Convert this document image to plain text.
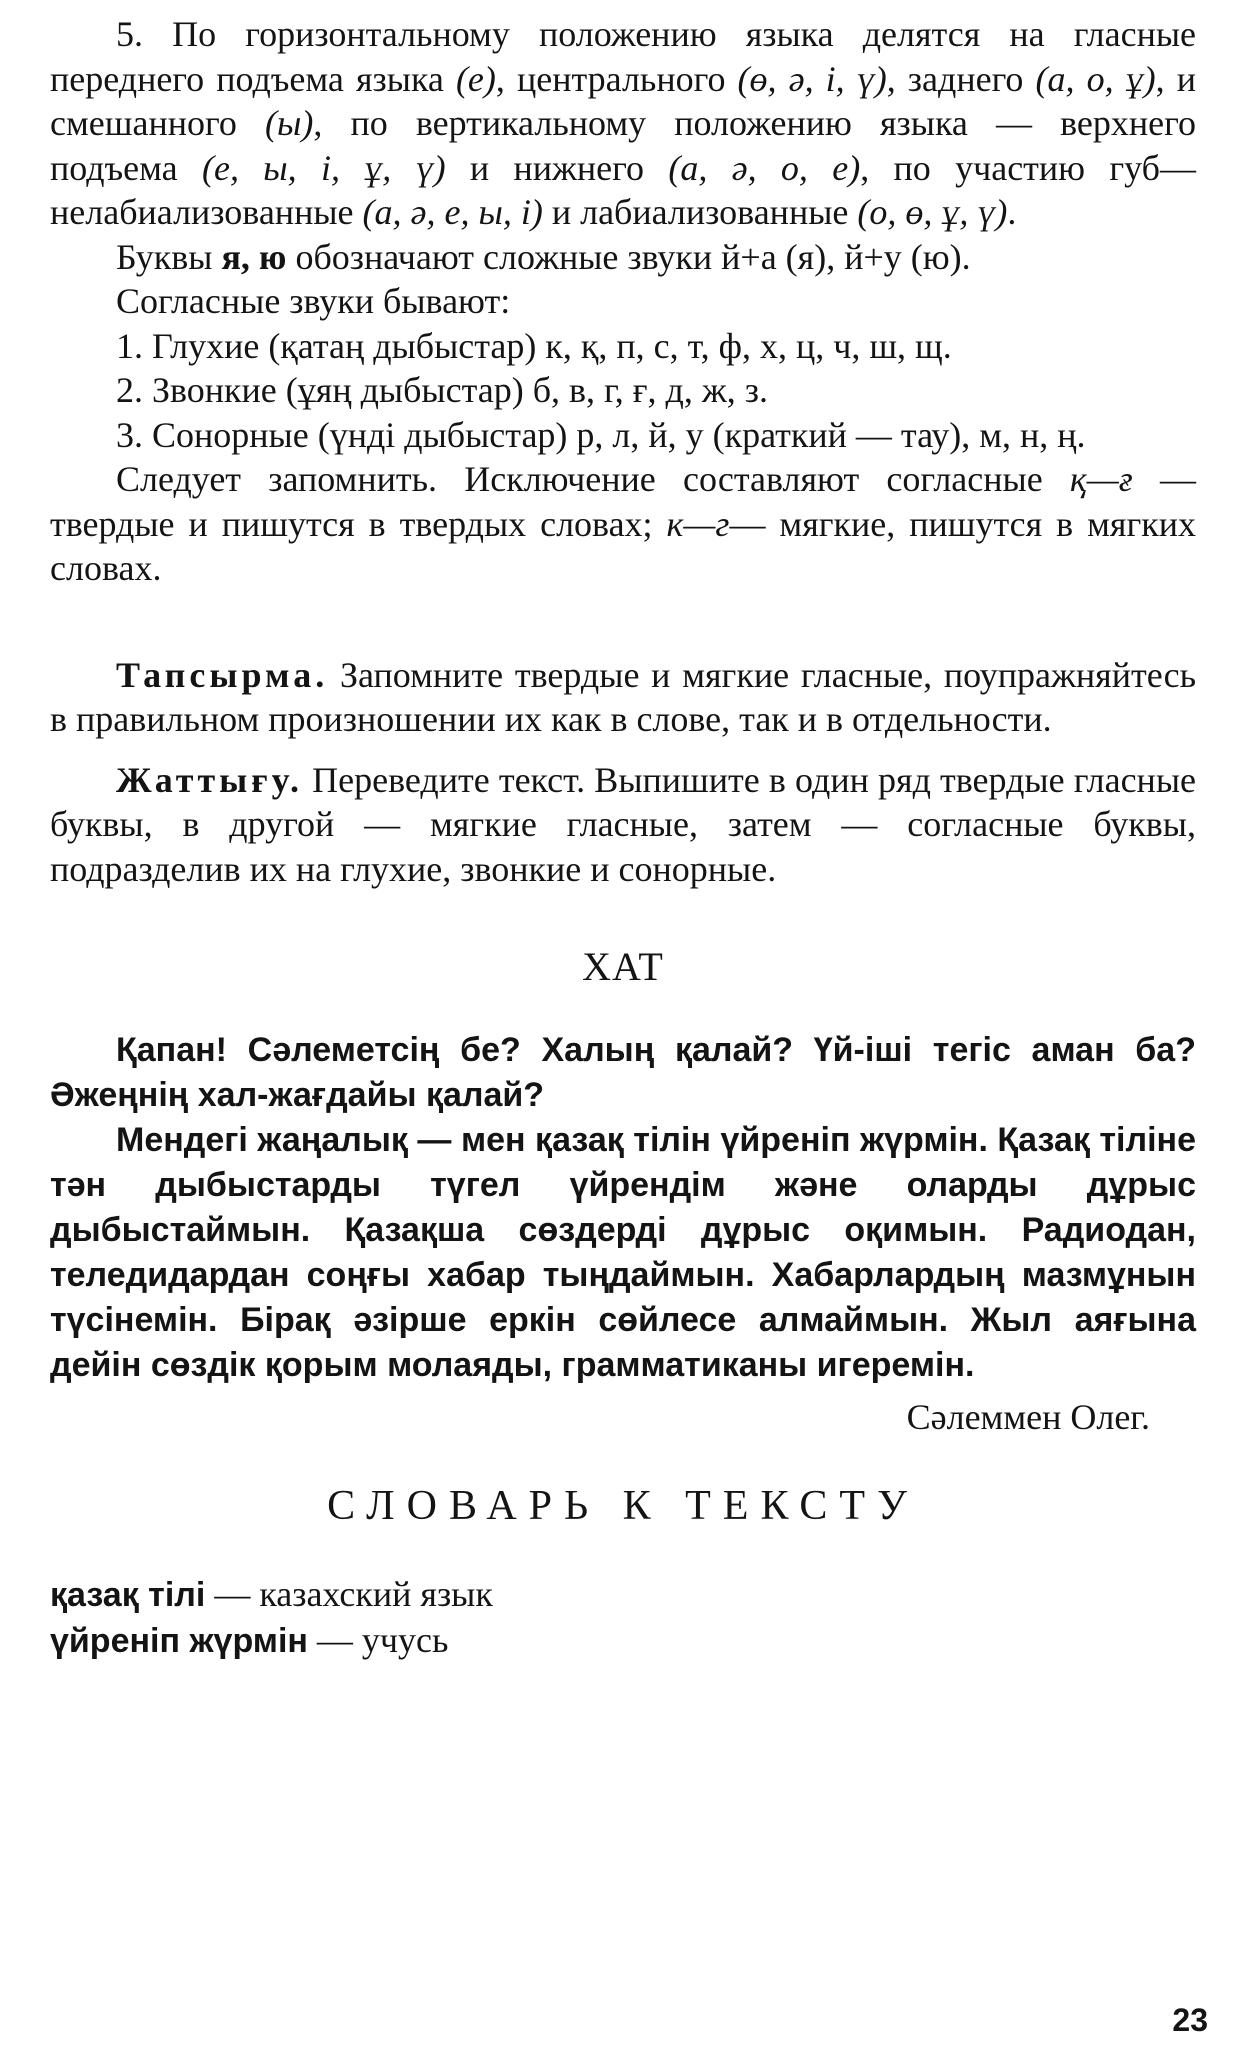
5. По горизонтальному положению языка делятся на гласные переднего подъема языка (е), центрального (ө, ә, і, ү), заднего (а, о, ұ), и смешанного (ы), по вертикальному положению языка — верхнего подъема (е, ы, і, ұ, ү) и нижнего (а, ә, о, е), по участию губ—нелабиализованные (а, ә, е, ы, і) и лабиализованные (о, ө, ұ, ү).

Буквы я, ю обозначают сложные звуки й+а (я), й+у (ю).

Согласные звуки бывают:

1. Глухие (қатаң дыбыстар) к, қ, п, с, т, ф, х, ц, ч, ш, щ.

2. Звонкие (ұяң дыбыстар) б, в, г, ғ, д, ж, з.

3. Сонорные (үнді дыбыстар) р, л, й, у (краткий — тау), м, н, ң.

Следует запомнить. Исключение составляют согласные қ—ғ — твердые и пишутся в твердых словах; к—г— мягкие, пишутся в мягких словах.

Тапсырма. Запомните твердые и мягкие гласные, поупражняйтесь в правильном произношении их как в слове, так и в отдельности.

Жаттығу. Переведите текст. Выпишите в один ряд твердые гласные буквы, в другой — мягкие гласные, затем — согласные буквы, подразделив их на глухие, звонкие и сонорные.

ХАТ

Қапан! Сәлеметсің бе? Халың қалай? Үй-іші тегіс аман ба? Әжеңнің хал-жағдайы қалай?

Мендегі жаңалық — мен қазақ тілін үйреніп жүрмін. Қазақ тіліне тән дыбыстарды түгел үйрендім және оларды дұрыс дыбыстаймын. Қазақша сөздерді дұрыс оқимын. Радиодан, теледидардан соңғы хабар тыңдаймын. Хабарлардың мазмұнын түсінемін. Бірақ әзірше еркін сөйлесе алмаймын. Жыл аяғына дейін сөздік қорым молаяды, грамматиканы игеремін.

Сәлеммен Олег.
СЛОВАРЬ К ТЕКСТУ

қазақ тілі — казахский язык

үйреніп жүрмін — учусь

23
